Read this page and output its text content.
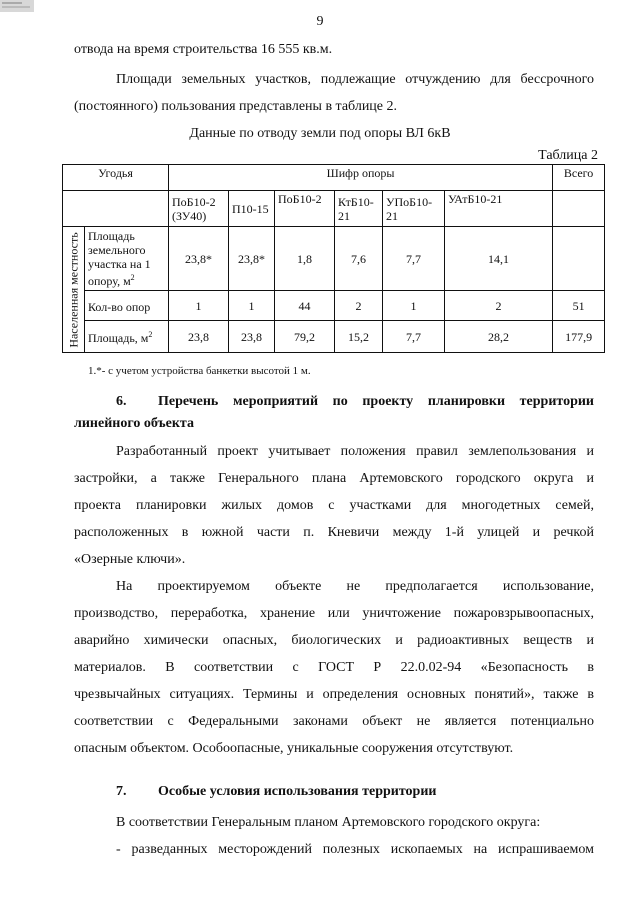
9
отвода на время строительства 16 555 кв.м.
Площади земельных участков, подлежащие отчуждению для бессрочного
(постоянного) пользования представлены в таблице 2.
Данные по отводу земли под опоры ВЛ 6кВ
Таблица 2
Угодья		Шифр опоры						Всего
		ПоБ10-2 (ЗУ40)	П10-15	ПоБ10-2	КтБ10-21	УПоБ10-21	УАтБ10-21	

Населенная местность	Площадь земельного участка на 1 опору, $м^2$	23,8*	23,8*	1,8	7,6	7,7	14,1	
	Кол-во опор	1	1	44	2	1	2	51
	Площадь, $м^2$	23,8	23,8	79,2	15,2	7,7	28,2	177,9
1.*- с учетом устройства банкетки высотой 1 м.
6. Перечень мероприятий по проекту планировки территории
линейного объекта
Разработанный проект учитывает положения правил землепользования и
застройки, а также Генерального плана Артемовского городского округа и
проекта планировки жилых домов с участками для многодетных семей,
расположенных в южной части п. Кневичи между 1-й улицей и речкой
«Озерные ключи».
На проектируемом объекте не предполагается использование,
производство, переработка, хранение или уничтожение пожаровзрывоопасных,
аварийно химически опасных, биологических и радиоактивных веществ и
материалов. В соответствии с ГОСТ Р 22.0.02-94 «Безопасность в
чрезвычайных ситуациях. Термины и определения основных понятий», также в
соответствии с Федеральными законами объект не является потенциально
опасным объектом. Особоопасные, уникальные сооружения отсутствуют.
7. Особые условия использования территории
В соответствии Генеральным планом Артемовского городского округа:
- разведанных месторождений полезных ископаемых на испрашиваемом
